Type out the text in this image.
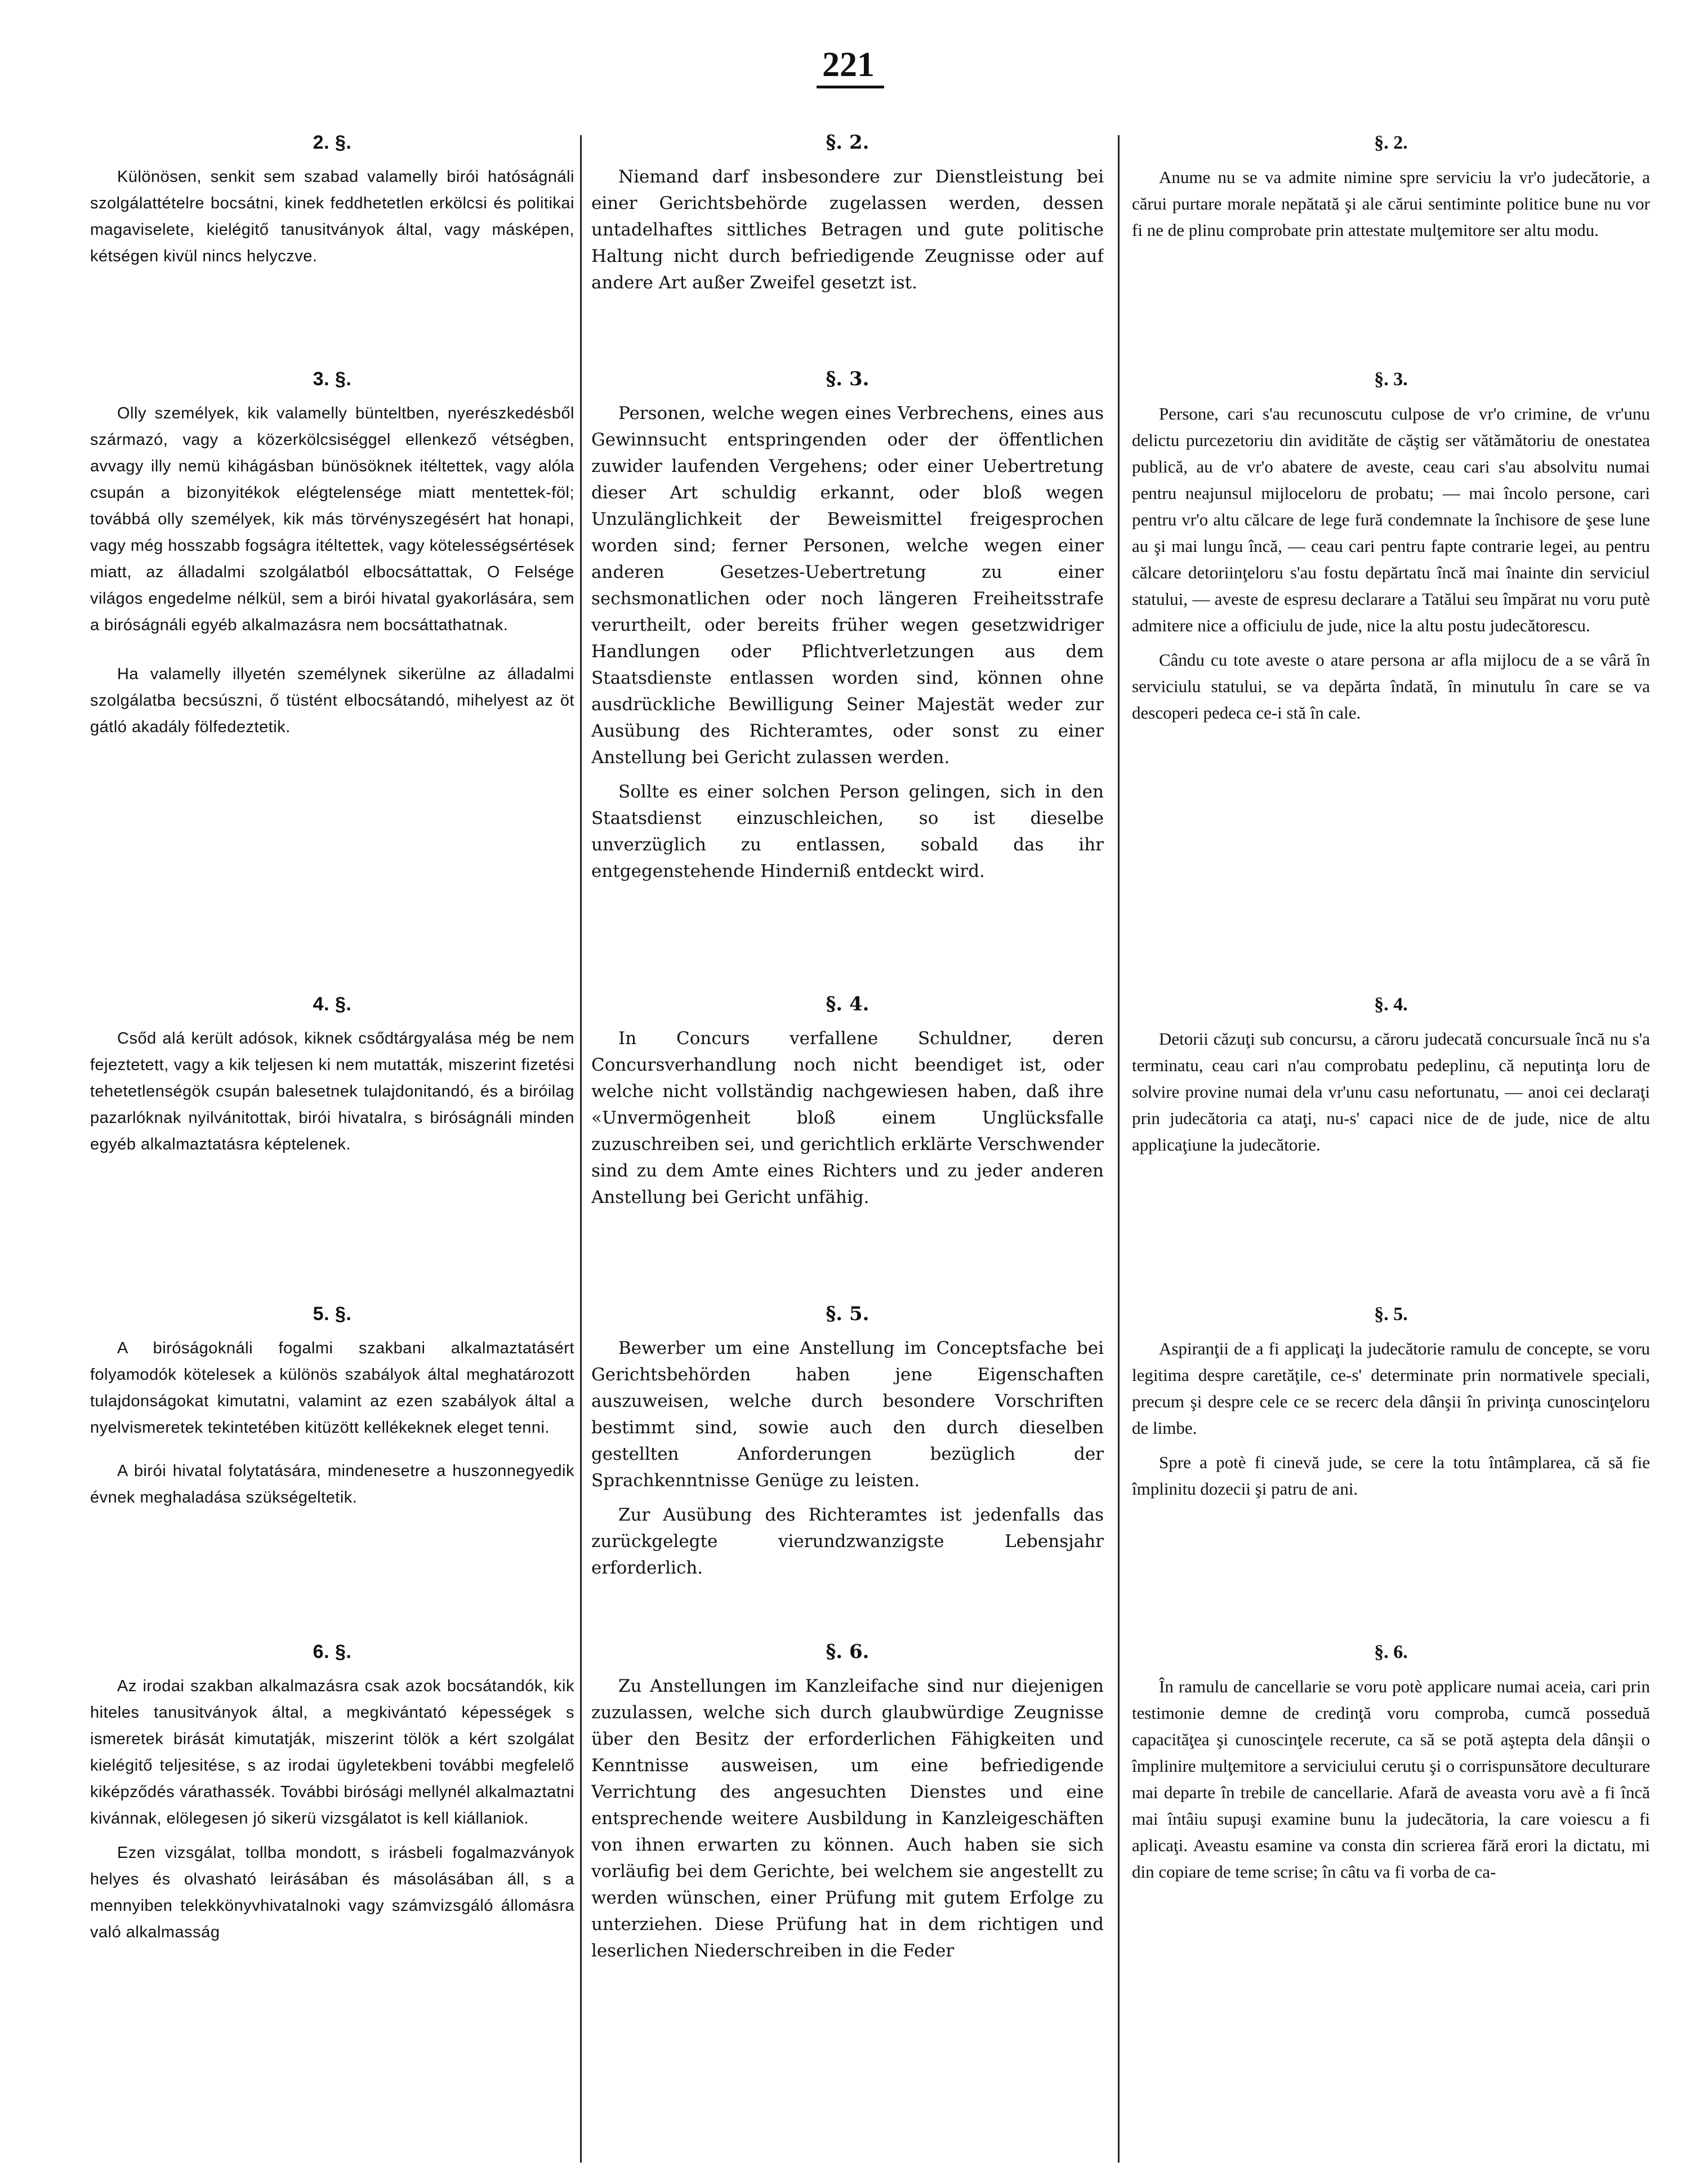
221
2. §.

Különösen, senkit sem szabad valamelly birói hatóságnáli szolgálattételre bocsátni, kinek feddhetetlen erkölcsi és politikai magaviselete, kielégitő tanusitványok által, vagy másképen, kétségen kivül nincs helyczve.

3. §.

Olly személyek, kik valamelly bünteltben, nyerészkedésből származó, vagy a közerkölcsiséggel ellenkező vétségben, avvagy illy nemü kihágásban bünösöknek itéltettek, vagy alóla csupán a bizonyitékok elégtelensége miatt mentettek-föl; továbbá olly személyek, kik más törvényszegésért hat honapi, vagy még hosszabb fogságra itéltettek, vagy kötelességsértések miatt, az álladalmi szolgálatból elbocsáttattak, O Felsége világos engedelme nélkül, sem a birói hivatal gyakorlására, sem a biróságnáli egyéb alkalmazásra nem bocsáttathatnak.

Ha valamelly illyetén személynek sikerülne az álladalmi szolgálatba becsúszni, ő tüstént elbocsátandó, mihelyest az öt gátló akadály fölfedeztetik.

4. §.

Csőd alá került adósok, kiknek csődtárgyalása még be nem fejeztetett, vagy a kik teljesen ki nem mutatták, miszerint fizetési tehetetlenségök csupán balesetnek tulajdonitandó, és a biróilag pazarlóknak nyilvánitottak, birói hivatalra, s biróságnáli minden egyéb alkalmaztatásra képtelenek.

5. §.

A biróságoknáli fogalmi szakbani alkalmaztatásért folyamodók kötelesek a különös szabályok által meghatározott tulajdonságokat kimutatni, valamint az ezen szabályok által a nyelvismeretek tekintetében kitüzött kellékeknek eleget tenni.

A birói hivatal folytatására, mindenesetre a huszonnegyedik évnek meghaladása szükségeltetik.

6. §.

Az irodai szakban alkalmazásra csak azok bocsátandók, kik hiteles tanusitványok által, a megkivántató képességek s ismeretek birását kimutatják, miszerint tölök a kért szolgálat kielégitő teljesitése, s az irodai ügyletekbeni további megfelelő kiképződés várathassék. További birósági mellynél alkalmaztatni kivánnak, elölegesen jó sikerü vizsgálatot is kell kiállaniok.

Ezen vizsgálat, tollba mondott, s irásbeli fogalmazványok helyes és olvasható leirásában és másolásában áll, s a mennyiben telekkönyvhivatalnoki vagy számvizsgáló állomásra való alkalmasság

§. 2.

Niemand darf insbesondere zur Dienstleistung bei einer Gerichtsbehörde zugelassen werden, dessen untadelhaftes sittliches Betragen und gute politische Haltung nicht durch befriedigende Zeugnisse oder auf andere Art außer Zweifel gesetzt ist.

§. 3.

Personen, welche wegen eines Verbrechens, eines aus Gewinnsucht entspringenden oder der öffentlichen zuwider laufenden Vergehens; oder einer Uebertretung dieser Art schuldig erkannt, oder bloß wegen Unzulänglichkeit der Beweismittel freigesprochen worden sind; ferner Personen, welche wegen einer anderen Gesetzes-Uebertretung zu einer sechsmonatlichen oder noch längeren Freiheitsstrafe verurtheilt, oder bereits früher wegen gesetzwidriger Handlungen oder Pflichtverletzungen aus dem Staatsdienste entlassen worden sind, können ohne ausdrückliche Bewilligung Seiner Majestät weder zur Ausübung des Richteramtes, oder sonst zu einer Anstellung bei Gericht zulassen werden.

Sollte es einer solchen Person gelingen, sich in den Staatsdienst einzuschleichen, so ist dieselbe unverzüglich zu entlassen, sobald das ihr entgegenstehende Hinderniß entdeckt wird.

§. 4.

In Concurs verfallene Schuldner, deren Concursverhandlung noch nicht beendiget ist, oder welche nicht vollständig nachgewiesen haben, daß ihre «Unvermögenheit bloß einem Unglücksfalle zuzuschreiben sei, und gerichtlich erklärte Verschwender sind zu dem Amte eines Richters und zu jeder anderen Anstellung bei Gericht unfähig.

§. 5.

Bewerber um eine Anstellung im Conceptsfache bei Gerichtsbehörden haben jene Eigenschaften auszuweisen, welche durch besondere Vorschriften bestimmt sind, sowie auch den durch dieselben gestellten Anforderungen bezüglich der Sprachkenntnisse Genüge zu leisten.

Zur Ausübung des Richteramtes ist jedenfalls das zurückgelegte vierundzwanzigste Lebensjahr erforderlich.

§. 6.

Zu Anstellungen im Kanzleifache sind nur diejenigen zuzulassen, welche sich durch glaubwürdige Zeugnisse über den Besitz der erforderlichen Fähigkeiten und Kenntnisse ausweisen, um eine befriedigende Verrichtung des angesuchten Dienstes und eine entsprechende weitere Ausbildung in Kanzleigeschäften von ihnen erwarten zu können. Auch haben sie sich vorläufig bei dem Gerichte, bei welchem sie angestellt zu werden wünschen, einer Prüfung mit gutem Erfolge zu unterziehen. Diese Prüfung hat in dem richtigen und leserlichen Niederschreiben in die Feder

§. 2.

Anume nu se va admite nimine spre serviciu la vr'o judecătorie, a cărui purtare morale nepătată şi ale cărui sentiminte politice bune nu vor fi ne de plinu comprobate prin attestate mulţemitore ser altu modu.

§. 3.

Persone, cari s'au recunoscutu culpose de vr'o crimine, de vr'unu delictu purcezetoriu din avidităte de căştig ser vătămătoriu de onestatea publică, au de vr'o abatere de aveste, ceau cari s'au absolvitu numai pentru neajunsul mijloceloru de probatu; — mai încolo persone, cari pentru vr'o altu călcare de lege fură condemnate la închisore de şese lune au şi mai lungu încă, — ceau cari pentru fapte contrarie legei, au pentru călcare detoriinţeloru s'au fostu depărtatu încă mai înainte din serviciul statului, — aveste de espresu declarare a Tatălui seu împărat nu voru putè admitere nice a officiulu de jude, nice la altu postu judecătorescu.

Cându cu tote aveste o atare persona ar afla mijlocu de a se vâră în serviciulu statului, se va depărta îndată, în minutulu în care se va descoperi pedeca ce-i stă în cale.

§. 4.

Detorii căzuţi sub concursu, a căroru judecată concursuale încă nu s'a terminatu, ceau cari n'au comprobatu pedeplinu, că neputinţa loru de solvire provine numai dela vr'unu casu nefortunatu, — anoi cei declaraţi prin judecătoria ca ataţi, nu-s' capaci nice de de jude, nice de altu applicaţiune la judecătorie.

§. 5.

Aspiranţii de a fi applicaţi la judecătorie ramulu de concepte, se voru legitima despre caretăţile, ce-s' determinate prin normativele speciali, precum şi despre cele ce se recerc dela dânşii în privinţa cunoscinţeloru de limbe.

Spre a potè fi cinevă jude, se cere la totu întâmplarea, că să fie împlinitu dozecii şi patru de ani.

§. 6.

În ramulu de cancellarie se voru potè applicare numai aceia, cari prin testimonie demne de credinţă voru comproba, cumcă posseduă capacităţea şi cunoscinţele recerute, ca să se potă aştepta dela dânşii o împlinire mulţemitore a serviciului cerutu şi o corrispunsătore deculturare mai departe în trebile de cancellarie. Afară de aveasta voru avè a fi încă mai întâiu supuşi examine bunu la judecătoria, la care voiescu a fi aplicaţi. Aveastu esamine va consta din scrierea fără erori la dictatu, mi din copiare de teme scrise; în câtu va fi vorba de ca-
